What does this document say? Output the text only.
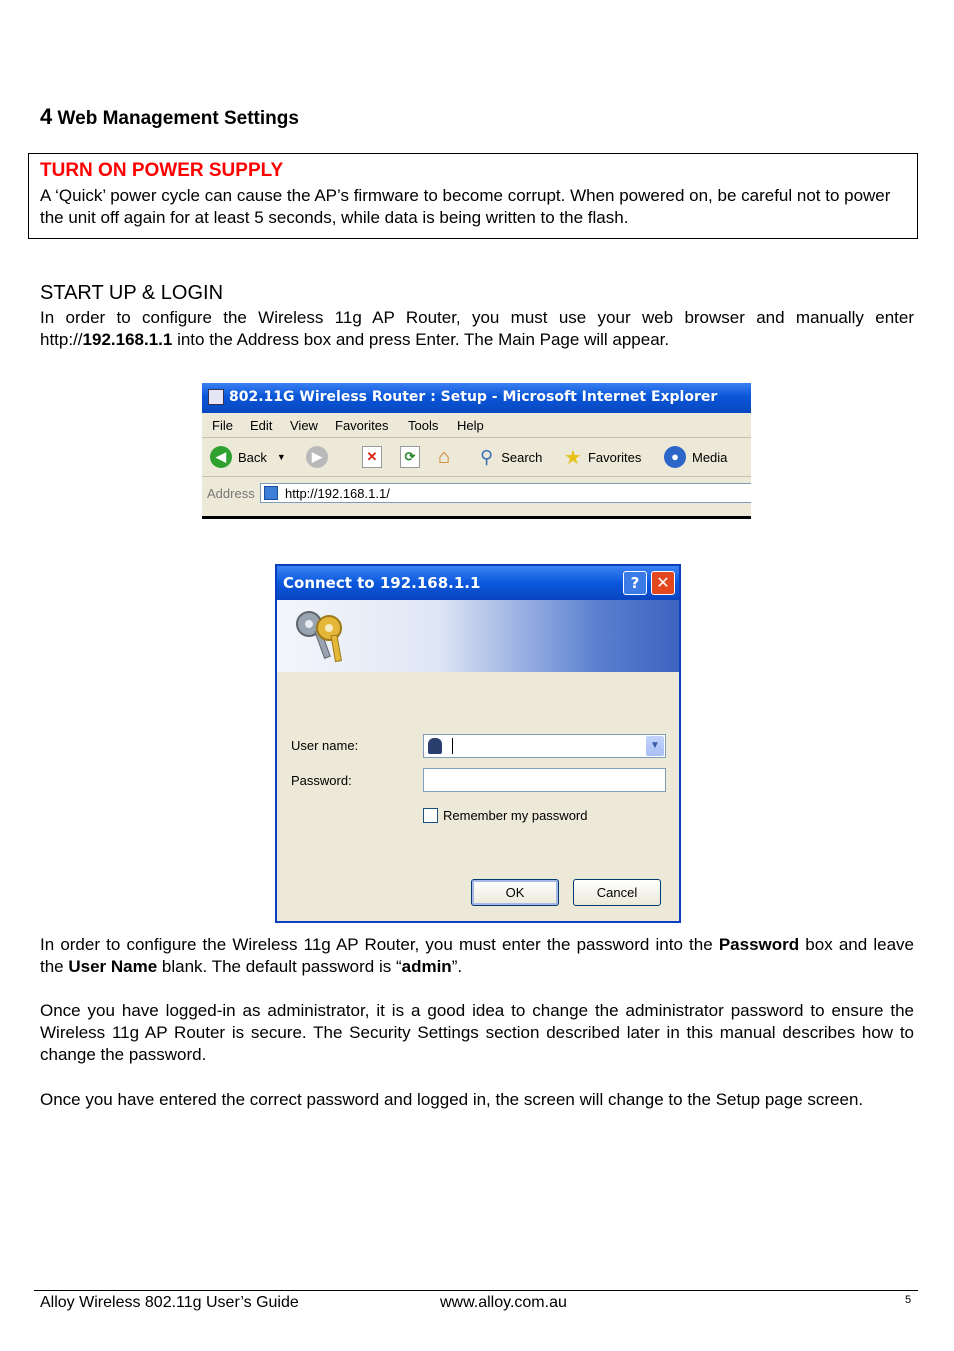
4 Web Management Settings
TURN ON POWER SUPPLY
A ‘Quick’ power cycle can cause the AP’s firmware to become corrupt. When powered on, be careful not to power the unit off again for at least 5 seconds, while data is being written to the flash.
START UP & LOGIN
In order to configure the Wireless 11g AP Router, you must use your web browser and manually enter http://192.168.1.1 into the Address box and press Enter. The Main Page will appear.
802.11G Wireless Router : Setup - Microsoft Internet Explorer
File Edit View Favorites Tools Help
◀ Back ▼	▶	✕	⟳ ⌂ ⚲ Search ★ Favorites	●	Media
Address http://192.168.1.1/
Connect to 192.168.1.1	?	✕
User name:	▼
Password:
Remember my password
OK	Cancel
In order to configure the Wireless 11g AP Router, you must enter the password into the Password box and leave the User Name blank. The default password is “admin”.
Once you have logged-in as administrator, it is a good idea to change the administrator password to ensure the Wireless 11g AP Router is secure. The Security Settings section described later in this manual describes how to change the password.
Once you have entered the correct password and logged in, the screen will change to the Setup page screen.
Alloy Wireless 802.11g User’s Guide	www.alloy.com.au	5
